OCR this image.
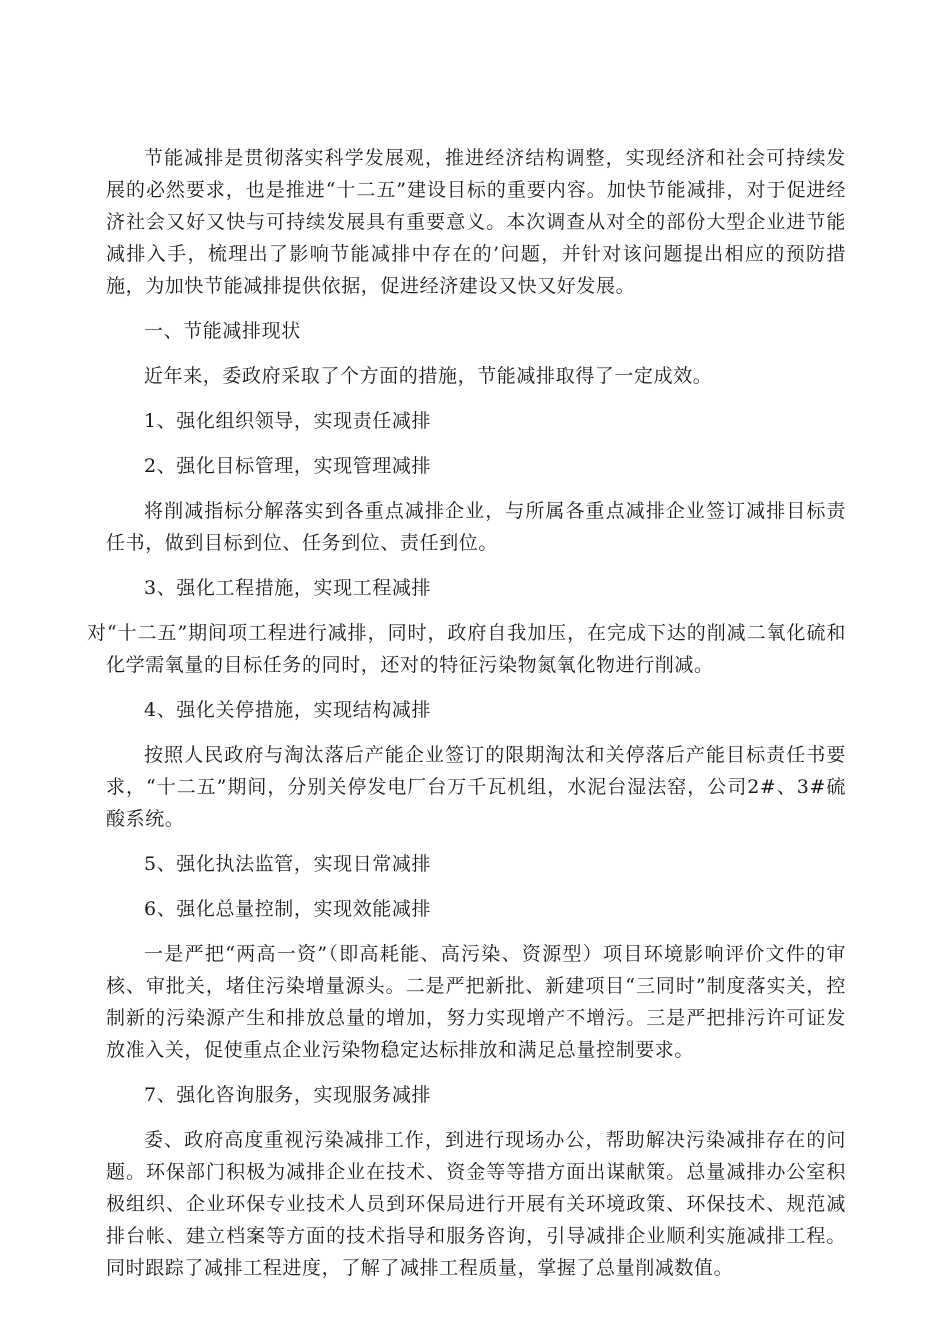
节能减排是贯彻落实科学发展观，推进经济结构调整，实现经济和社会可持续发展的必然要求，也是推进“十二五”建设目标的重要内容。加快节能减排，对于促进经济社会又好又快与可持续发展具有重要意义。本次调查从对全的部份大型企业进节能减排入手，梳理出了影响节能减排中存在的’问题，并针对该问题提出相应的预防措施，为加快节能减排提供依据，促进经济建设又快又好发展。

一、节能减排现状

近年来，委政府采取了个方面的措施，节能减排取得了一定成效。

1、强化组织领导，实现责任减排

2、强化目标管理，实现管理减排

将削减指标分解落实到各重点减排企业，与所属各重点减排企业签订减排目标责任书，做到目标到位、任务到位、责任到位。

3、强化工程措施，实现工程减排

对“十二五”期间项工程进行减排，同时，政府自我加压，在完成下达的削减二氧化硫和化学需氧量的目标任务的同时，还对的特征污染物氮氧化物进行削减。

4、强化关停措施，实现结构减排

按照人民政府与淘汰落后产能企业签订的限期淘汰和关停落后产能目标责任书要求，“十二五”期间，分别关停发电厂台万千瓦机组，水泥台湿法窑，公司2#、3#硫酸系统。

5、强化执法监管，实现日常减排

6、强化总量控制，实现效能减排

一是严把“两高一资”（即高耗能、高污染、资源型）项目环境影响评价文件的审核、审批关，堵住污染增量源头。二是严把新批、新建项目“三同时”制度落实关，控制新的污染源产生和排放总量的增加，努力实现增产不增污。三是严把排污许可证发放准入关，促使重点企业污染物稳定达标排放和满足总量控制要求。

7、强化咨询服务，实现服务减排

委、政府高度重视污染减排工作，到进行现场办公，帮助解决污染减排存在的问题。环保部门积极为减排企业在技术、资金等等措方面出谋献策。总量减排办公室积极组织、企业环保专业技术人员到环保局进行开展有关环境政策、环保技术、规范减排台帐、建立档案等方面的技术指导和服务咨询，引导减排企业顺利实施减排工程。同时跟踪了减排工程进度，了解了减排工程质量，掌握了总量削减数值。
